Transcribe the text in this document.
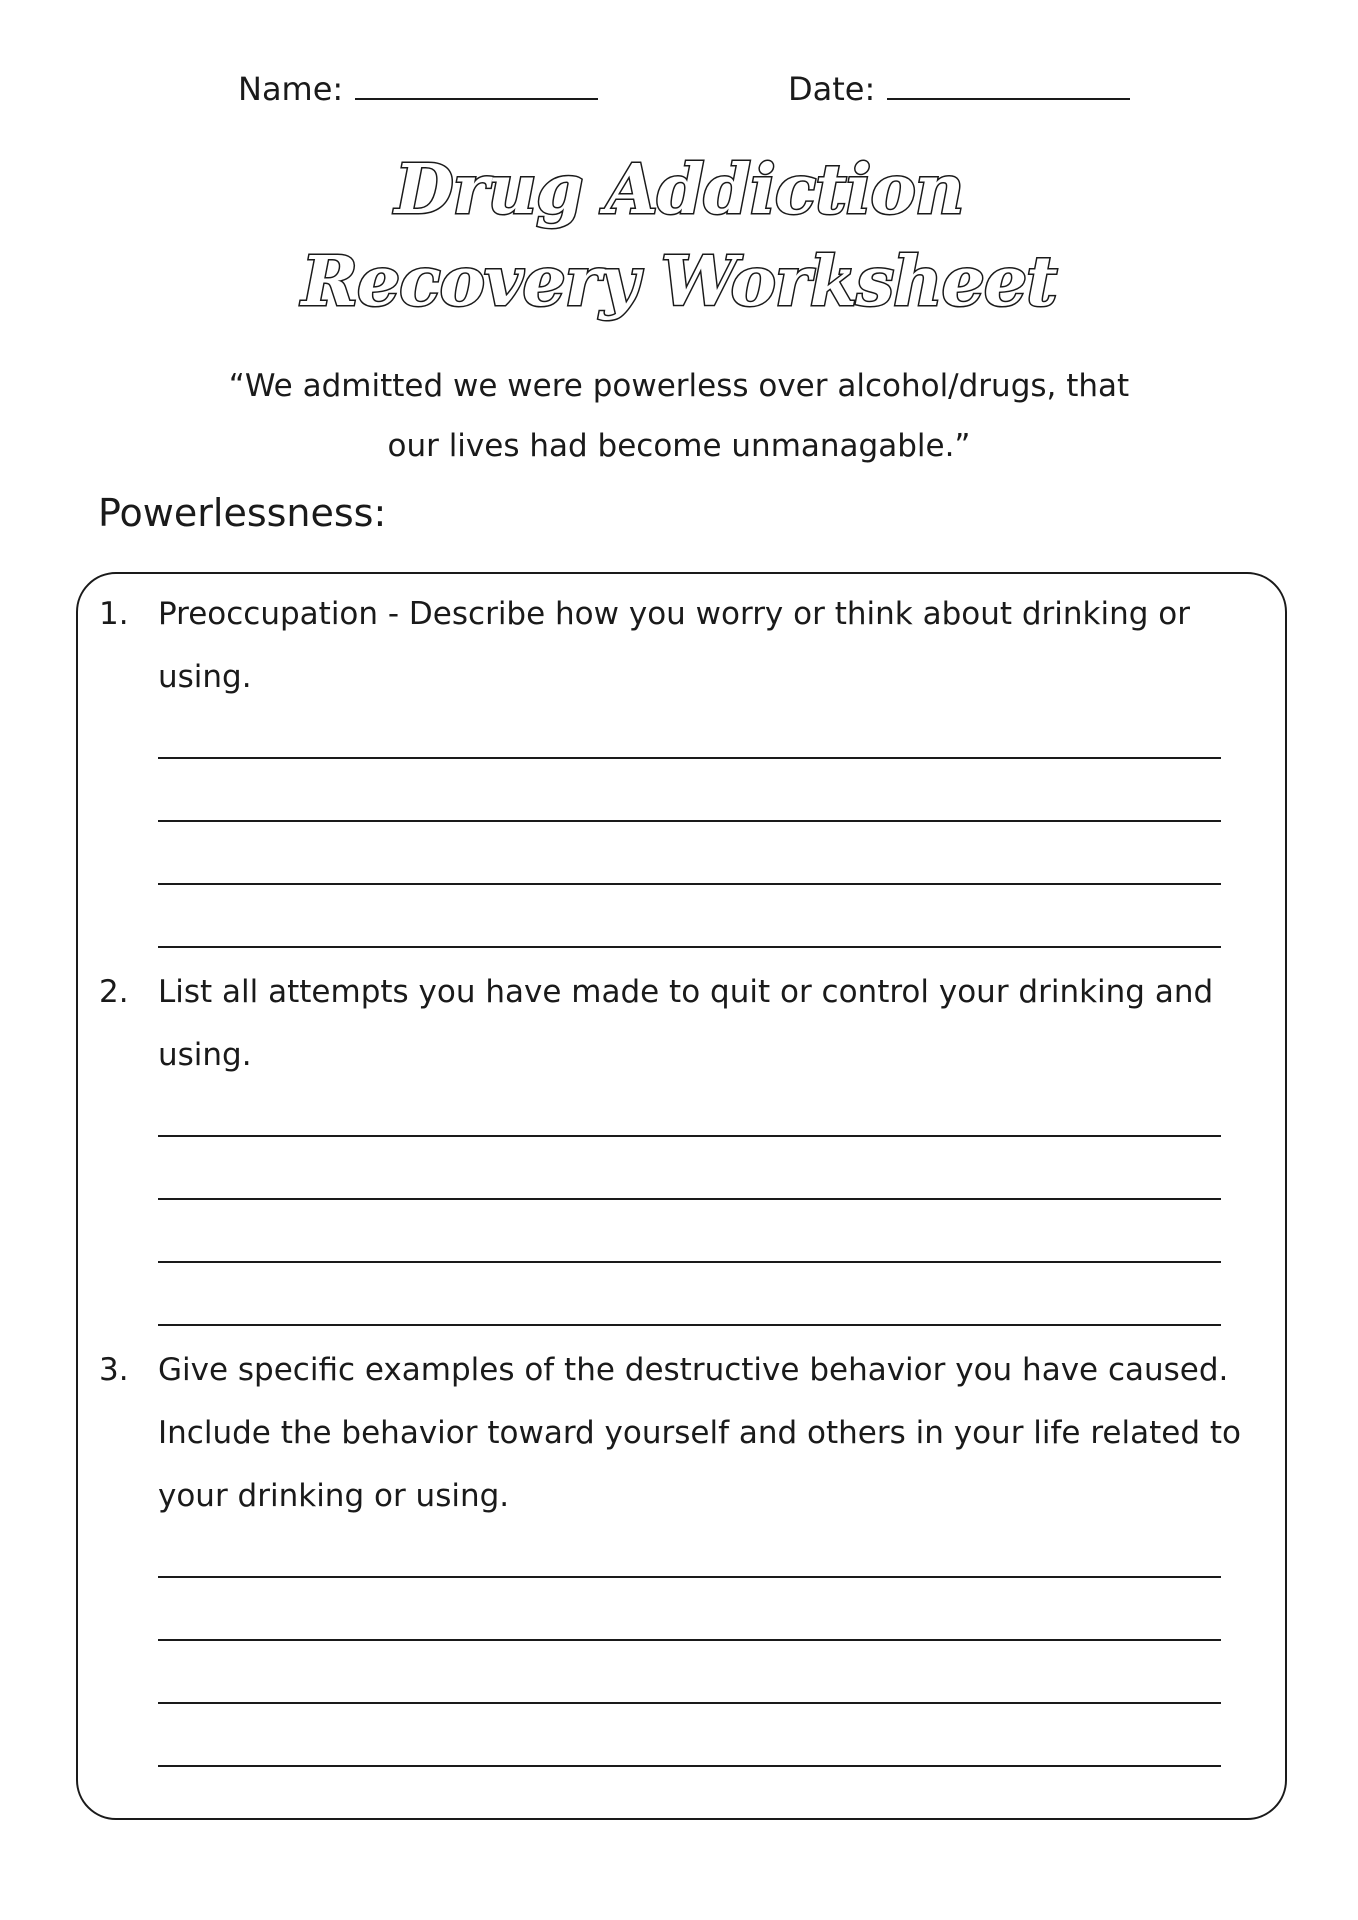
Name:	Date:
Drug Addiction
Recovery Worksheet
“We admitted we were powerless over alcohol/drugs, that
our lives had become unmanagable.”
Powerlessness:
1. Preoccupation - Describe how you worry or think about drinking or
using.
2. List all attempts you have made to quit or control your drinking and
using.
3. Give specific examples of the destructive behavior you have caused.
Include the behavior toward yourself and others in your life related to
your drinking or using.
